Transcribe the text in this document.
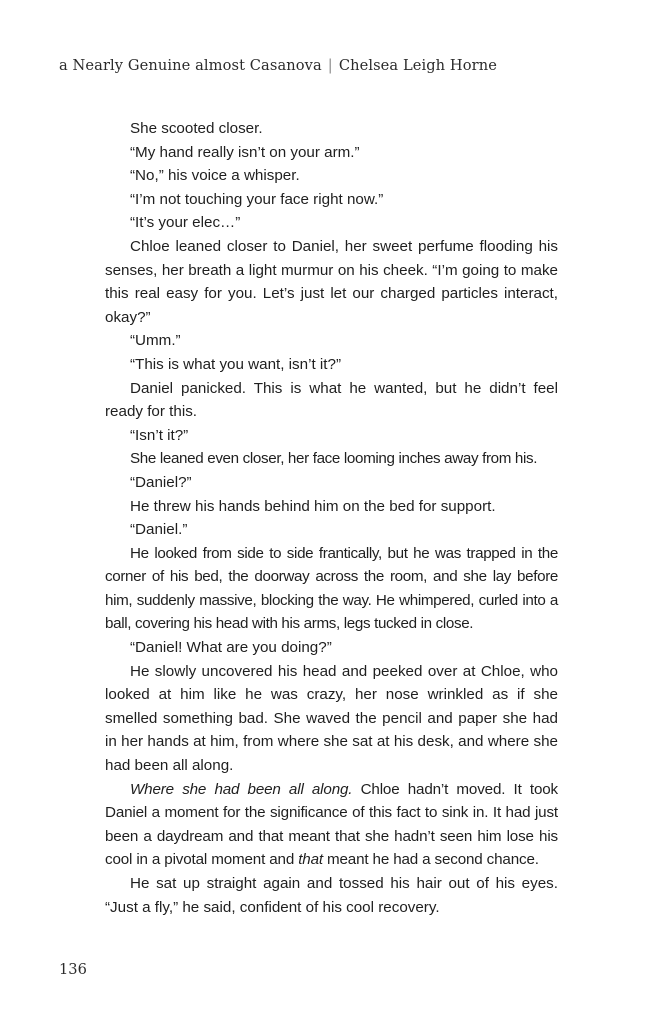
a Nearly Genuine almost Casanova | Chelsea Leigh Horne

She scooted closer.

“My hand really isn’t on your arm.”

“No,” his voice a whisper.

“I’m not touching your face right now.”

“It’s your elec…”

Chloe leaned closer to Daniel, her sweet perfume flooding his senses, her breath a light murmur on his cheek. “I’m going to make this real easy for you. Let’s just let our charged particles interact, okay?”

“Umm.”

“This is what you want, isn’t it?”

Daniel panicked. This is what he wanted, but he didn’t feel ready for this.

“Isn’t it?”

She leaned even closer, her face looming inches away from his.

“Daniel?”

He threw his hands behind him on the bed for support.

“Daniel.”

He looked from side to side frantically, but he was trapped in the corner of his bed, the doorway across the room, and she lay before him, suddenly massive, blocking the way. He whimpered, curled into a ball, covering his head with his arms, legs tucked in close.

“Daniel! What are you doing?”

He slowly uncovered his head and peeked over at Chloe, who looked at him like he was crazy, her nose wrinkled as if she smelled something bad. She waved the pencil and paper she had in her hands at him, from where she sat at his desk, and where she had been all along.

Where she had been all along. Chloe hadn’t moved. It took Daniel a moment for the significance of this fact to sink in. It had just been a daydream and that meant that she hadn’t seen him lose his cool in a pivotal moment and that meant he had a second chance.

He sat up straight again and tossed his hair out of his eyes. “Just a fly,” he said, confident of his cool recovery.

136
